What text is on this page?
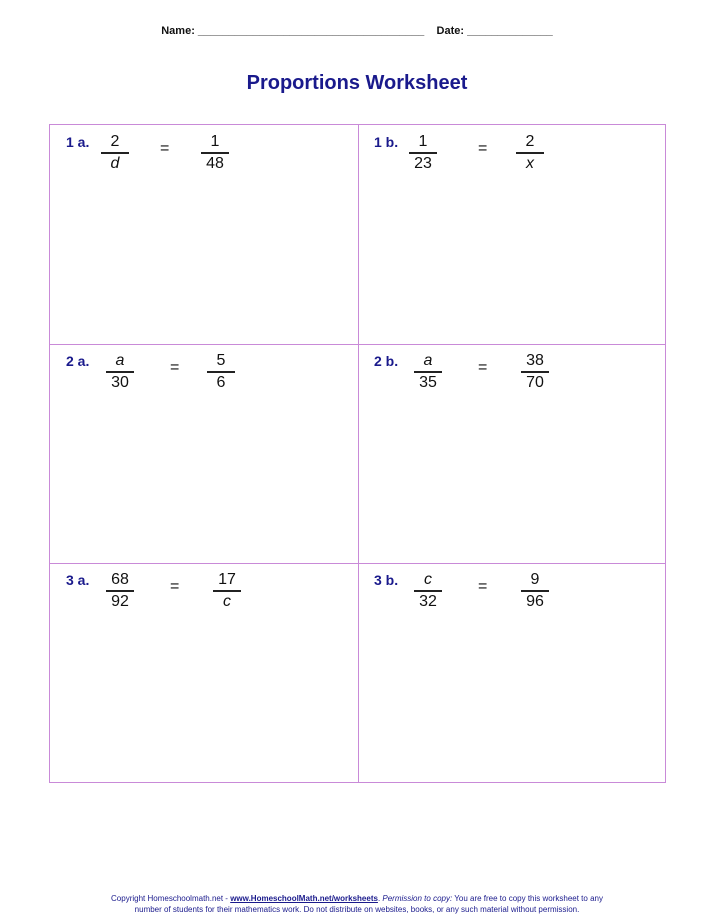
Name: _____________________________________ Date: ______________
Proportions Worksheet
1 a.	2
d
=	1
48
1 b.	1
23
=	2
x
2 a.	a
30
=	5
6
2 b.	a
35
=	38
70
3 a.	68
92
=	17
c
3 b.	c
32
=	9
96
Copyright Homeschoolmath.net - www.HomeschoolMath.net/worksheets. Permission to copy: You are free to copy this worksheet to any
number of students for their mathematics work. Do not distribute on websites, books, or any such material without permission.
